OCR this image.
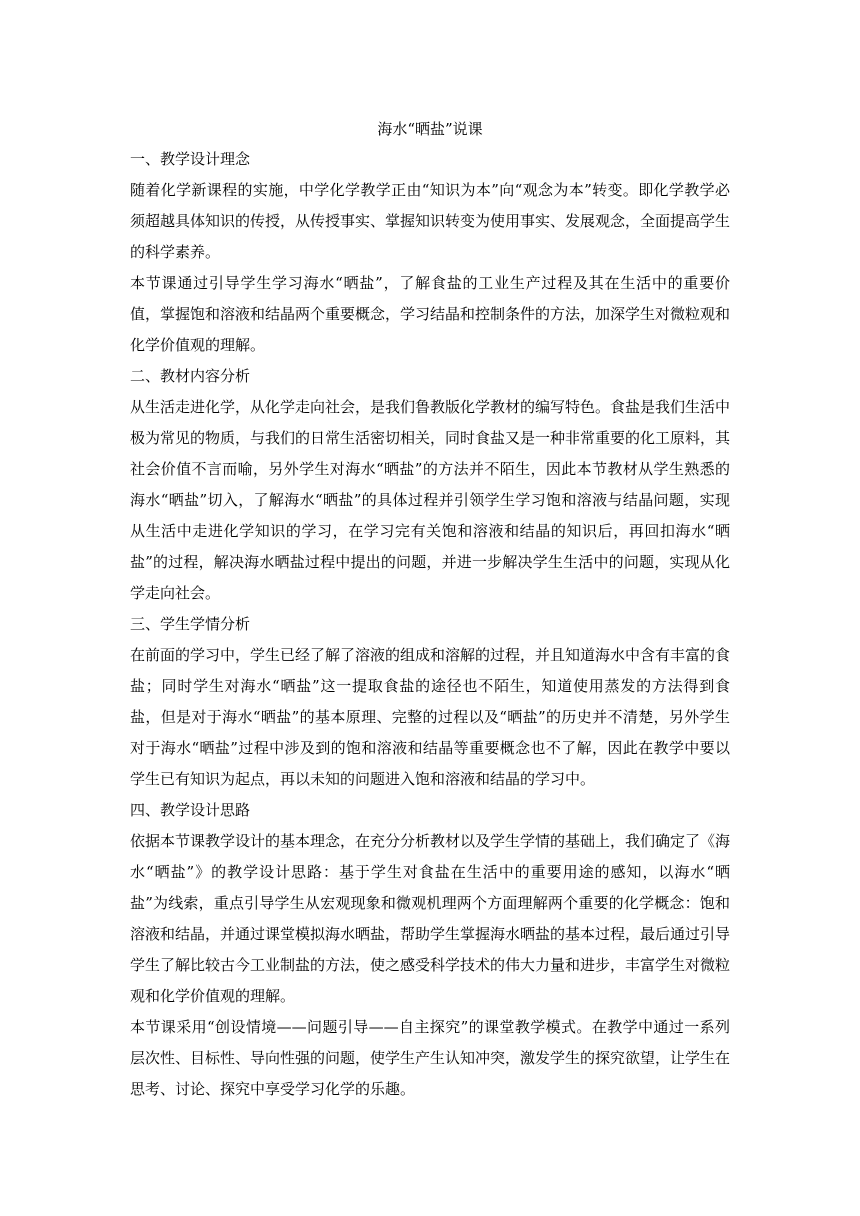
海水“晒盐”说课

一、教学设计理念

随着化学新课程的实施，中学化学教学正由“知识为本”向“观念为本”转变。即化学教学必须超越具体知识的传授，从传授事实、掌握知识转变为使用事实、发展观念，全面提高学生的科学素养。

本节课通过引导学生学习海水“晒盐”，了解食盐的工业生产过程及其在生活中的重要价值，掌握饱和溶液和结晶两个重要概念，学习结晶和控制条件的方法，加深学生对微粒观和化学价值观的理解。

二、教材内容分析

从生活走进化学，从化学走向社会，是我们鲁教版化学教材的编写特色。食盐是我们生活中极为常见的物质，与我们的日常生活密切相关，同时食盐又是一种非常重要的化工原料，其社会价值不言而喻，另外学生对海水“晒盐”的方法并不陌生，因此本节教材从学生熟悉的海水“晒盐”切入，了解海水“晒盐”的具体过程并引领学生学习饱和溶液与结晶问题，实现从生活中走进化学知识的学习，在学习完有关饱和溶液和结晶的知识后，再回扣海水“晒盐”的过程，解决海水晒盐过程中提出的问题，并进一步解决学生生活中的问题，实现从化学走向社会。

三、学生学情分析

在前面的学习中，学生已经了解了溶液的组成和溶解的过程，并且知道海水中含有丰富的食盐；同时学生对海水“晒盐”这一提取食盐的途径也不陌生，知道使用蒸发的方法得到食盐，但是对于海水“晒盐”的基本原理、完整的过程以及“晒盐”的历史并不清楚，另外学生对于海水“晒盐”过程中涉及到的饱和溶液和结晶等重要概念也不了解，因此在教学中要以学生已有知识为起点，再以未知的问题进入饱和溶液和结晶的学习中。

四、教学设计思路

依据本节课教学设计的基本理念，在充分分析教材以及学生学情的基础上，我们确定了《海水“晒盐”》的教学设计思路：基于学生对食盐在生活中的重要用途的感知，以海水“晒盐”为线索，重点引导学生从宏观现象和微观机理两个方面理解两个重要的化学概念：饱和溶液和结晶，并通过课堂模拟海水晒盐，帮助学生掌握海水晒盐的基本过程，最后通过引导学生了解比较古今工业制盐的方法，使之感受科学技术的伟大力量和进步，丰富学生对微粒观和化学价值观的理解。

本节课采用“创设情境——问题引导——自主探究”的课堂教学模式。在教学中通过一系列层次性、目标性、导向性强的问题，使学生产生认知冲突，激发学生的探究欲望，让学生在思考、讨论、探究中享受学习化学的乐趣。
